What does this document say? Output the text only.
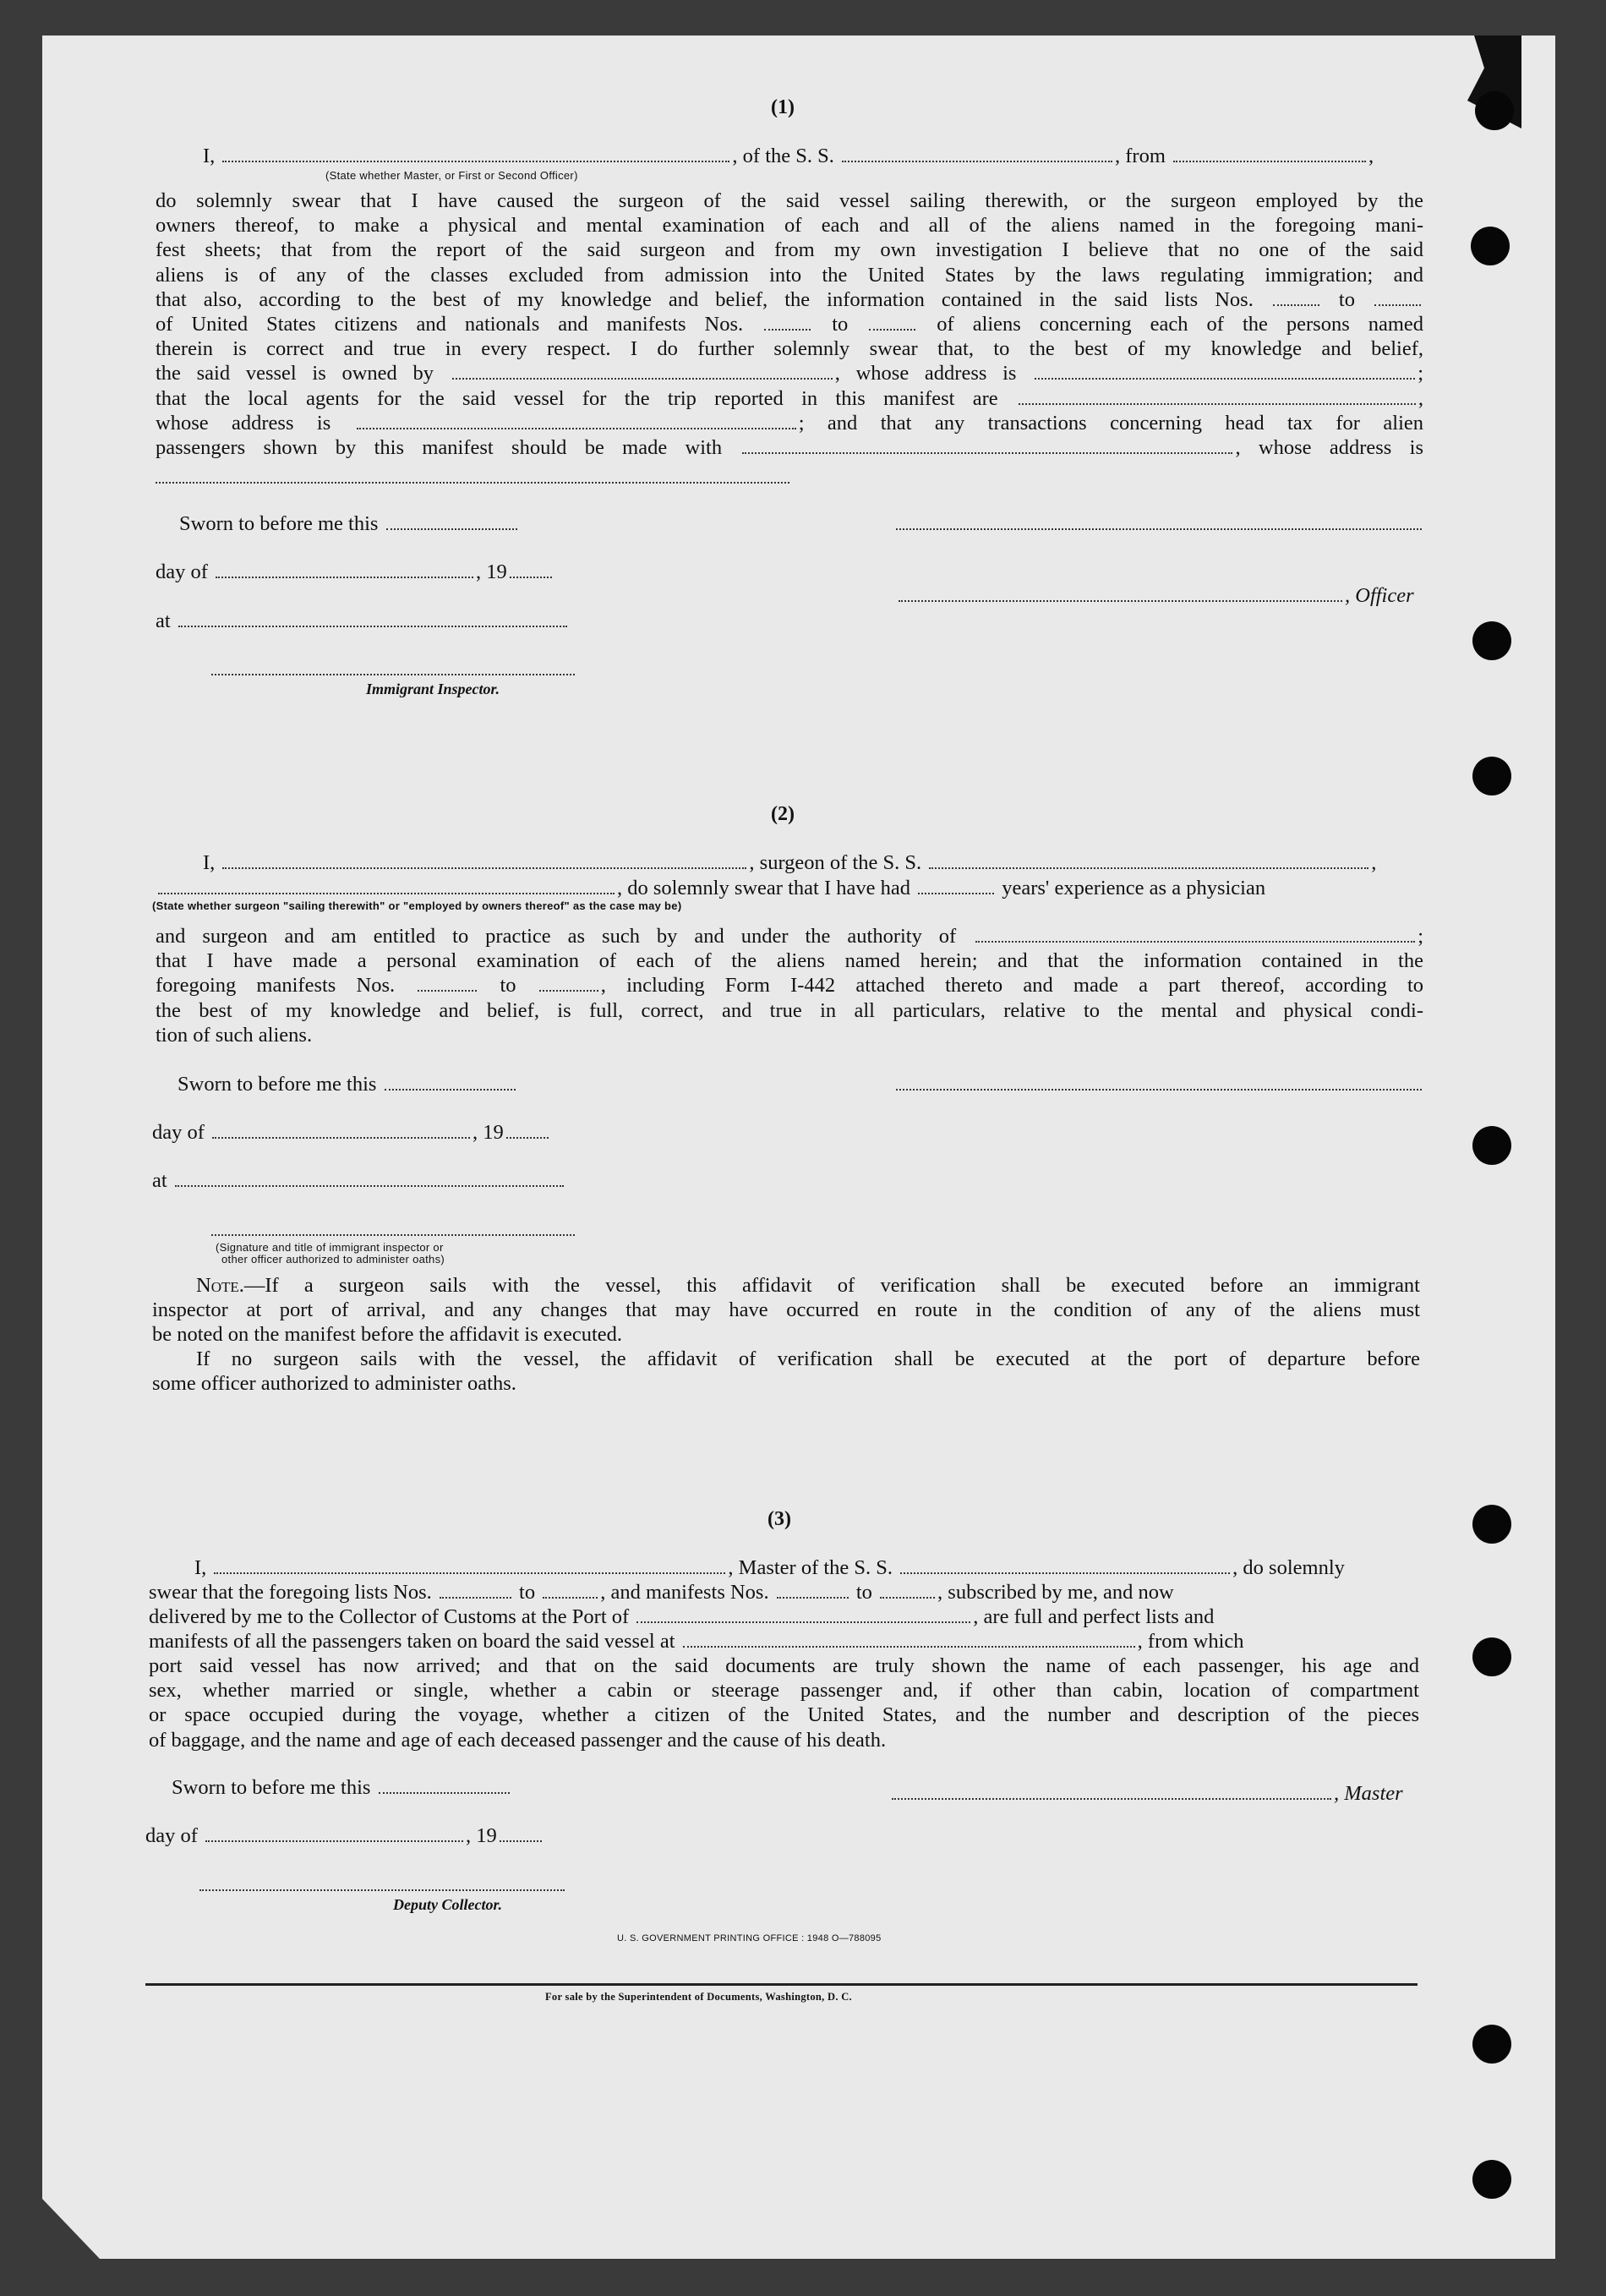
(1)
I,	, of the S. S.	, from	,
(State whether Master, or First or Second Officer)
do solemnly swear that I have caused the surgeon of the said vessel sailing therewith, or the surgeon employed by the
owners thereof, to make a physical and mental examination of each and all of the aliens named in the foregoing mani-
fest sheets; that from the report of the said surgeon and from my own investigation I believe that no one of the said
aliens is of any of the classes excluded from admission into the United States by the laws regulating immigration; and
that also, according to the best of my knowledge and belief, the information contained in the said lists Nos.	to
of United States citizens and nationals and manifests Nos.	to	of aliens concerning each of the persons named
therein is correct and true in every respect. I do further solemnly swear that, to the best of my knowledge and belief,
the said vessel is owned by	, whose address is	;
that the local agents for the said vessel for the trip reported in this manifest are	,
whose address is	; and that any transactions concerning head tax for alien
passengers shown by this manifest should be made with	, whose address is
Sworn to before me this
day of	, 19
, Officer
at
Immigrant Inspector.
(2)
I,	, surgeon of the S. S.	,
, do solemnly swear that I have had	years' experience as a physician
(State whether surgeon "sailing therewith" or "employed by owners thereof" as the case may be)
and surgeon and am entitled to practice as such by and under the authority of	;
that I have made a personal examination of each of the aliens named herein; and that the information contained in the
foregoing manifests Nos.	to	, including Form I-442 attached thereto and made a part thereof, according to
the best of my knowledge and belief, is full, correct, and true in all particulars, relative to the mental and physical condi-
tion of such aliens.
Sworn to before me this
day of	, 19
at
(Signature and title of immigrant inspector or
other officer authorized to administer oaths)
Note.—If a surgeon sails with the vessel, this affidavit of verification shall be executed before an immigrant
inspector at port of arrival, and any changes that may have occurred en route in the condition of any of the aliens must
be noted on the manifest before the affidavit is executed.
If no surgeon sails with the vessel, the affidavit of verification shall be executed at the port of departure before
some officer authorized to administer oaths.
(3)
I,	, Master of the S. S.	, do solemnly
swear that the foregoing lists Nos.	to	, and manifests Nos.	to	, subscribed by me, and now
delivered by me to the Collector of Customs at the Port of	, are full and perfect lists and
manifests of all the passengers taken on board the said vessel at	, from which
port said vessel has now arrived; and that on the said documents are truly shown the name of each passenger, his age and
sex, whether married or single, whether a cabin or steerage passenger and, if other than cabin, location of compartment
or space occupied during the voyage, whether a citizen of the United States, and the number and description of the pieces
of baggage, and the name and age of each deceased passenger and the cause of his death.
Sworn to before me this	, Master
day of	, 19
Deputy Collector.
U. S. GOVERNMENT PRINTING OFFICE : 1948 O—788095
For sale by the Superintendent of Documents, Washington, D. C.
